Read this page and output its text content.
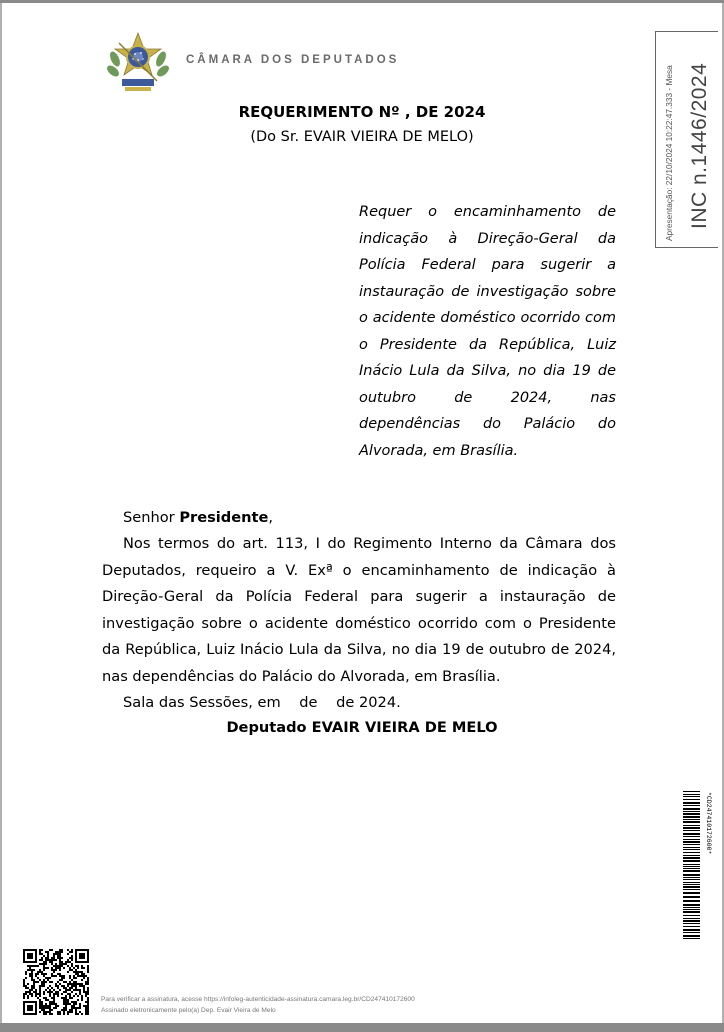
CÂMARA DOS DEPUTADOS
REQUERIMENTO Nº , DE 2024
(Do Sr. EVAIR VIEIRA DE MELO)
Requer o encaminhamento de indicação à Direção-Geral da Polícia Federal para sugerir a instauração de investigação sobre o acidente doméstico ocorrido com o Presidente da República, Luiz Inácio Lula da Silva, no dia 19 de outubro de 2024, nas dependências do Palácio do Alvorada, em Brasília.
Senhor Presidente,
Nos termos do art. 113, I do Regimento Interno da Câmara dos Deputados, requeiro a V. Exª o encaminhamento de indicação à Direção-Geral da Polícia Federal para sugerir a instauração de investigação sobre o acidente doméstico ocorrido com o Presidente da República, Luiz Inácio Lula da Silva, no dia 19 de outubro de 2024, nas dependências do Palácio do Alvorada, em Brasília.
Sala das Sessões, em    de    de 2024.
Deputado EVAIR VIEIRA DE MELO
Apresentação: 22/10/2024 10:22:47.333 - Mesa INC n.1446/2024
*CD247410172600*
Para verificar a assinatura, acesse https://infoleg-autenticidade-assinatura.camara.leg.br/CD247410172600
Assinado eletronicamente pelo(a) Dep. Evair Vieira de Melo
